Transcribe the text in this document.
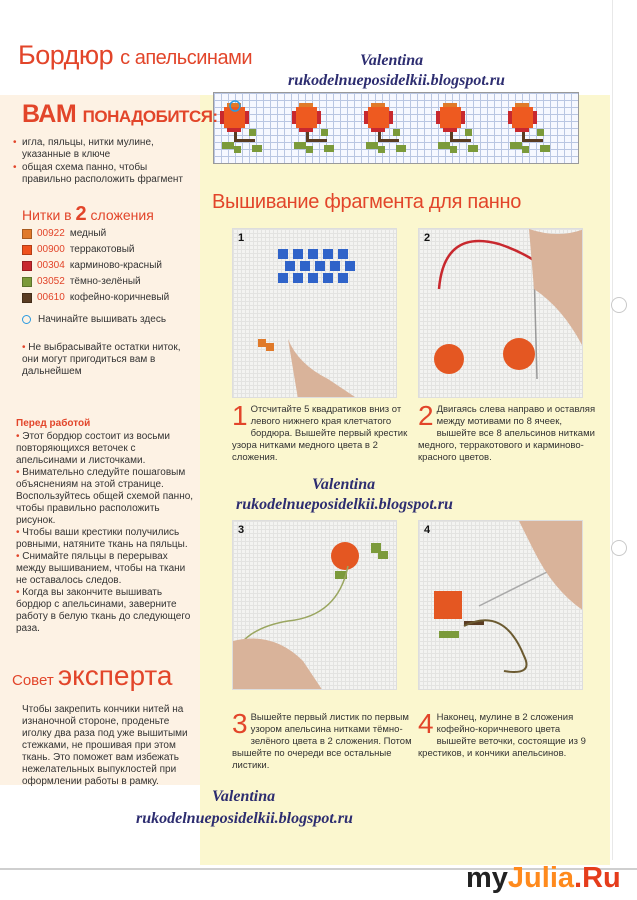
Бордюр с апельсинами	Valentina
rukodelnueposidelkii.blogspot.ru
Valentina
rukodelnueposidelkii.blogspot.ru
Valentina
rukodelnueposidelkii.blogspot.ru
ВАМ ПОНАДОБИТСЯ:
• игла, пяльцы, нитки мулине, указанные в ключе
• общая схема панно, чтобы правильно расположить фрагмент
Нитки в 2 сложения
00922 медный
00900 терракотовый
00304 карминово-красный
03052 тёмно-зелёный
00610 кофейно-коричневый
Начинайте вышивать здесь
• Не выбрасывайте остатки ниток, они могут пригодиться вам в дальнейшем
Перед работой
• Этот бордюр состоит из восьми повторяющихся веточек с апельсинами и листочками.
• Внимательно следуйте пошаговым объяснениям на этой странице. Воспользуйтесь общей схемой панно, чтобы правильно расположить рисунок.
• Чтобы ваши крестики получились ровными, натяните ткань на пяльцы.
• Снимайте пяльцы в перерывах между вышиванием, чтобы на ткани не оставалось следов.
• Когда вы закончите вышивать бордюр с апельсинами, заверните работу в белую ткань до следующего раза.
Совет эксперта
Чтобы закрепить кончики нитей на изнаночной стороне, проденьте иголку два раза под уже вышитыми стежками, не прошивая при этом ткань. Это поможет вам избежать нежелательных выпуклостей при оформлении работы в рамку.
Вышивание фрагмента для панно
1	2
3	4
1 Отсчитайте 5 квадратиков вниз от левого нижнего края клетчатого бордюра. Вышейте первый крестик узора нитками медного цвета в 2 сложения.
2 Двигаясь слева направо и оставляя между мотивами по 8 ячеек, вышейте все 8 апельсинов нитками медного, терракотового и карминово-красного цветов.
3 Вышейте первый листик по первым узором апельсина нитками тёмно-зелёного цвета в 2 сложения. Потом вышейте по очереди все остальные листики.
4 Наконец, мулине в 2 сложения кофейно-коричневого цвета вышейте веточки, состоящие из 9 крестиков, и кончики апельсинов.
myJulia.Ru
